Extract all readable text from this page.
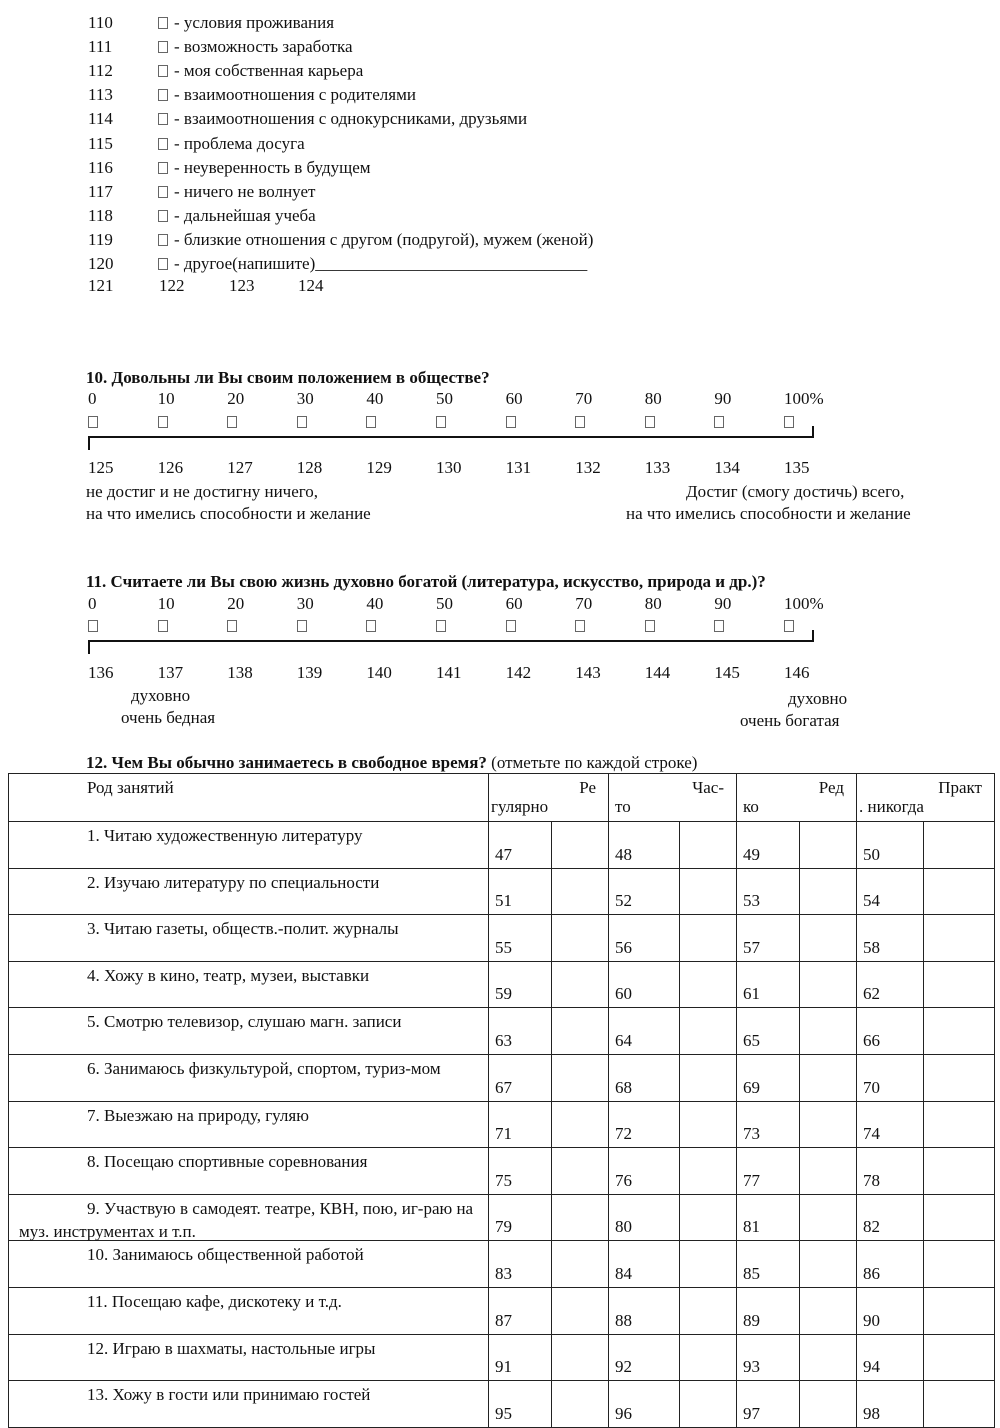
110	- условия проживания
111	- возможность заработка
112	- моя собственная карьера
113	- взаимоотношения с родителями
114	- взаимоотношения с однокурсниками, друзьями
115	- проблема досуга
116	- неуверенность в будущем
117	- ничего не волнует
118	- дальнейшая учеба
119	- близкие отношения с другом (подругой), мужем (женой)
120	- другое(напишите)________________________________
121	122	123	124
10. Довольны ли Вы своим положением в обществе?
0
125
10
126
20
127
30
128
40
129
50
130
60
131
70
132
80
133
90
134
100%
135
не достиг и не достигну ничего,
на что имелись способности и желание
Достиг (смогу достичь) всего,
на что имелись способности и желание
11. Считаете ли Вы свою жизнь духовно богатой (литература, искусство, природа и др.)?
0
136
10
137
20
138
30
139
40
140
50
141
60
142
70
143
80
144
90
145
100%
146
духовно
очень бедная
духовно
очень богатая
12. Чем Вы обычно занимаетесь в свободное время? (отметьте по каждой строке)
Род занятий	Ре
гулярно		Час-
то		Ред
ко		Практ
. никогда	

1. Читаю художественную литературу	47		48		49		50	

2. Изучаю литературу по специальности	51		52		53		54	

3. Читаю газеты, обществ.-полит. журналы	55		56		57		58	

4. Хожу в кино, театр, музеи, выставки	59		60		61		62	

5. Смотрю телевизор, слушаю магн. записи	63		64		65		66	

6. Занимаюсь физкультурой, спортом, туриз-мом	67		68		69		70	

7. Выезжаю на природу, гуляю	71		72		73		74	

8. Посещаю спортивные соревнования	75		76		77		78	

9. Участвую в самодеят. театре, КВН, пою, иг-раю на муз. инструментах и т.п.	79		80		81		82	

10. Занимаюсь общественной работой	83		84		85		86	

11. Посещаю кафе, дискотеку и т.д.	87		88		89		90	

12. Играю в шахматы, настольные игры	91		92		93		94	

13. Хожу в гости или принимаю гостей	95		96		97		98	
